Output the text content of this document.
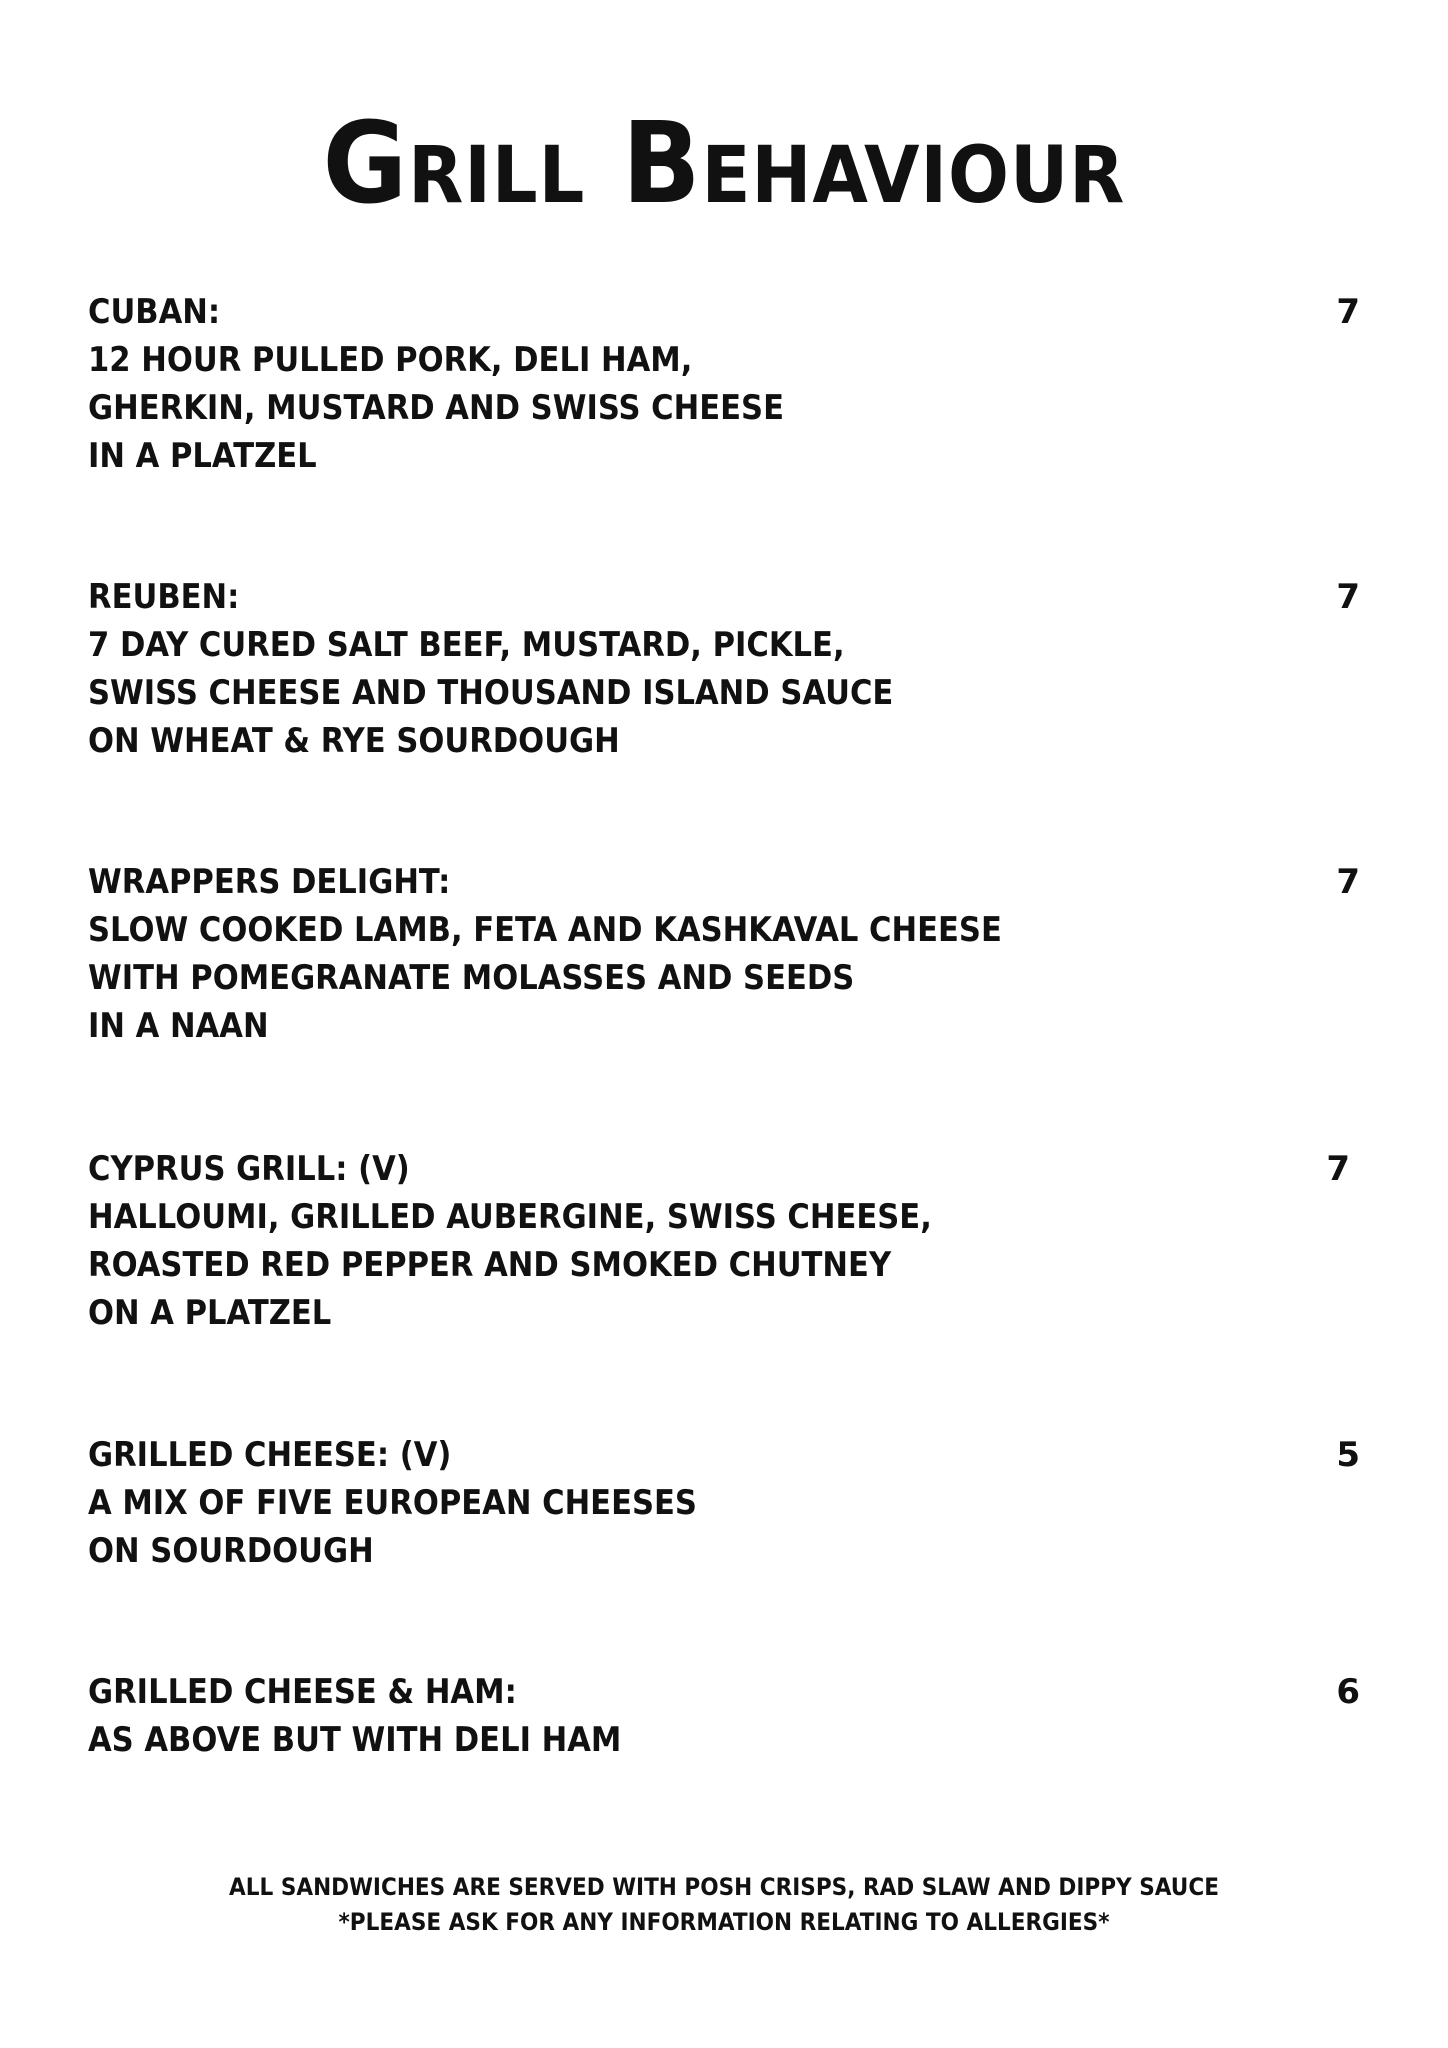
Grill Behaviour
CUBAN:	7
12 HOUR PULLED PORK, DELI HAM,
GHERKIN, MUSTARD AND SWISS CHEESE
IN A PLATZEL
REUBEN:	7
7 DAY CURED SALT BEEF, MUSTARD, PICKLE,
SWISS CHEESE AND THOUSAND ISLAND SAUCE
ON WHEAT & RYE SOURDOUGH
WRAPPERS DELIGHT:	7
SLOW COOKED LAMB, FETA AND KASHKAVAL CHEESE
WITH POMEGRANATE MOLASSES AND SEEDS
IN A NAAN
CYPRUS GRILL: (V)	7
HALLOUMI, GRILLED AUBERGINE, SWISS CHEESE,
ROASTED RED PEPPER AND SMOKED CHUTNEY
ON A PLATZEL
GRILLED CHEESE: (V)	5
A MIX OF FIVE EUROPEAN CHEESES
ON SOURDOUGH
GRILLED CHEESE & HAM:	6
AS ABOVE BUT WITH DELI HAM
ALL SANDWICHES ARE SERVED WITH POSH CRISPS, RAD SLAW AND DIPPY SAUCE
*PLEASE ASK FOR ANY INFORMATION RELATING TO ALLERGIES*
